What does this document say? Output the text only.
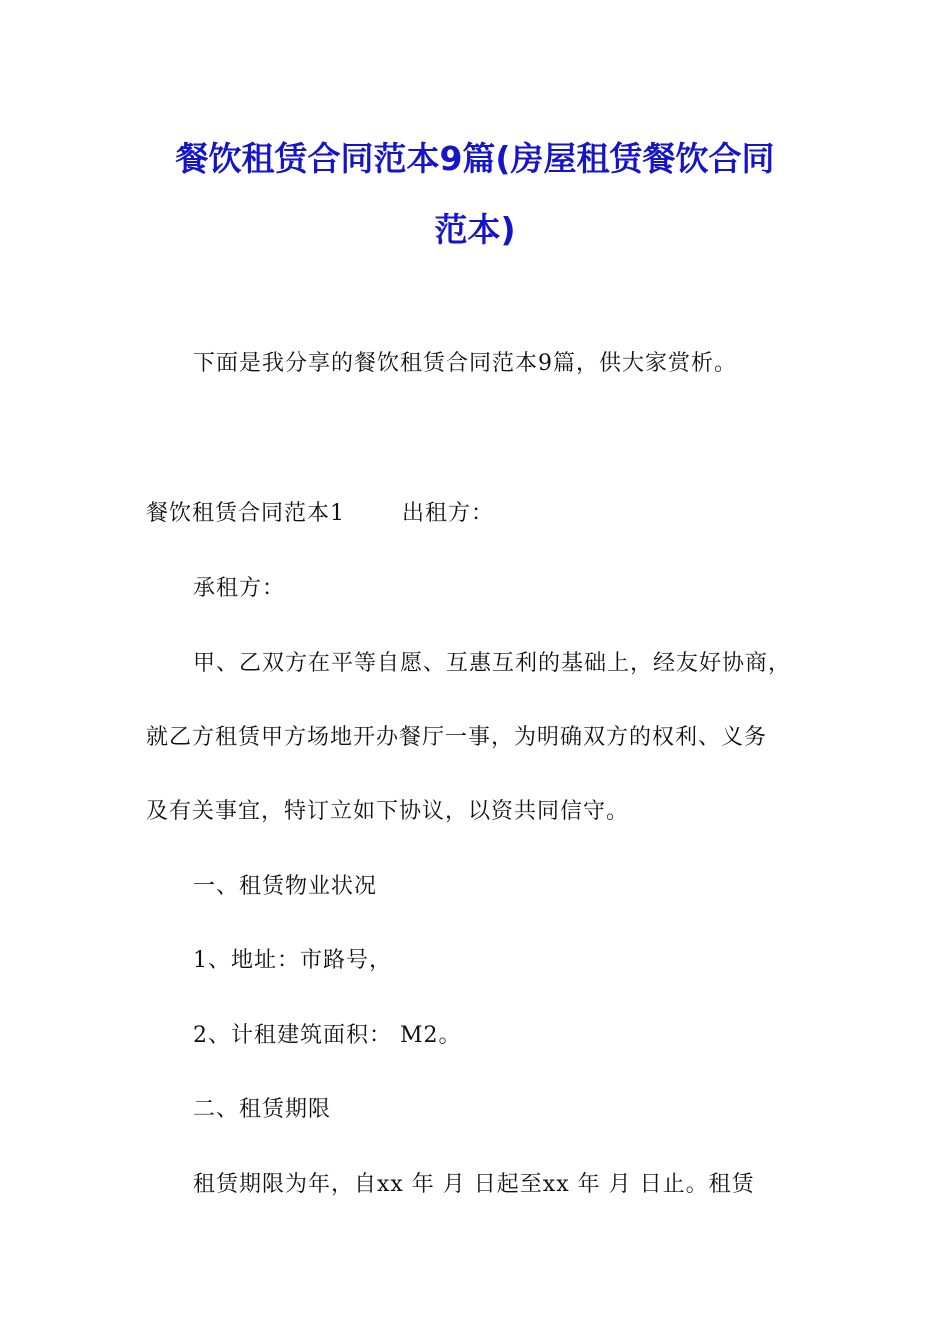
餐饮租赁合同范本9篇(房屋租赁餐饮合同
范本)
下面是我分享的餐饮租赁合同范本9篇，供大家赏析。
餐饮租赁合同范本1	出租方：
承租方：
甲、乙双方在平等自愿、互惠互利的基础上，经友好协商，
就乙方租赁甲方场地开办餐厅一事，为明确双方的权利、义务
及有关事宜，特订立如下协议，以资共同信守。
一、租赁物业状况
1、地址：市路号，
2、计租建筑面积： M2。
二、租赁期限
租赁期限为年，自xx 年 月 日起至xx 年 月 日止。租赁
